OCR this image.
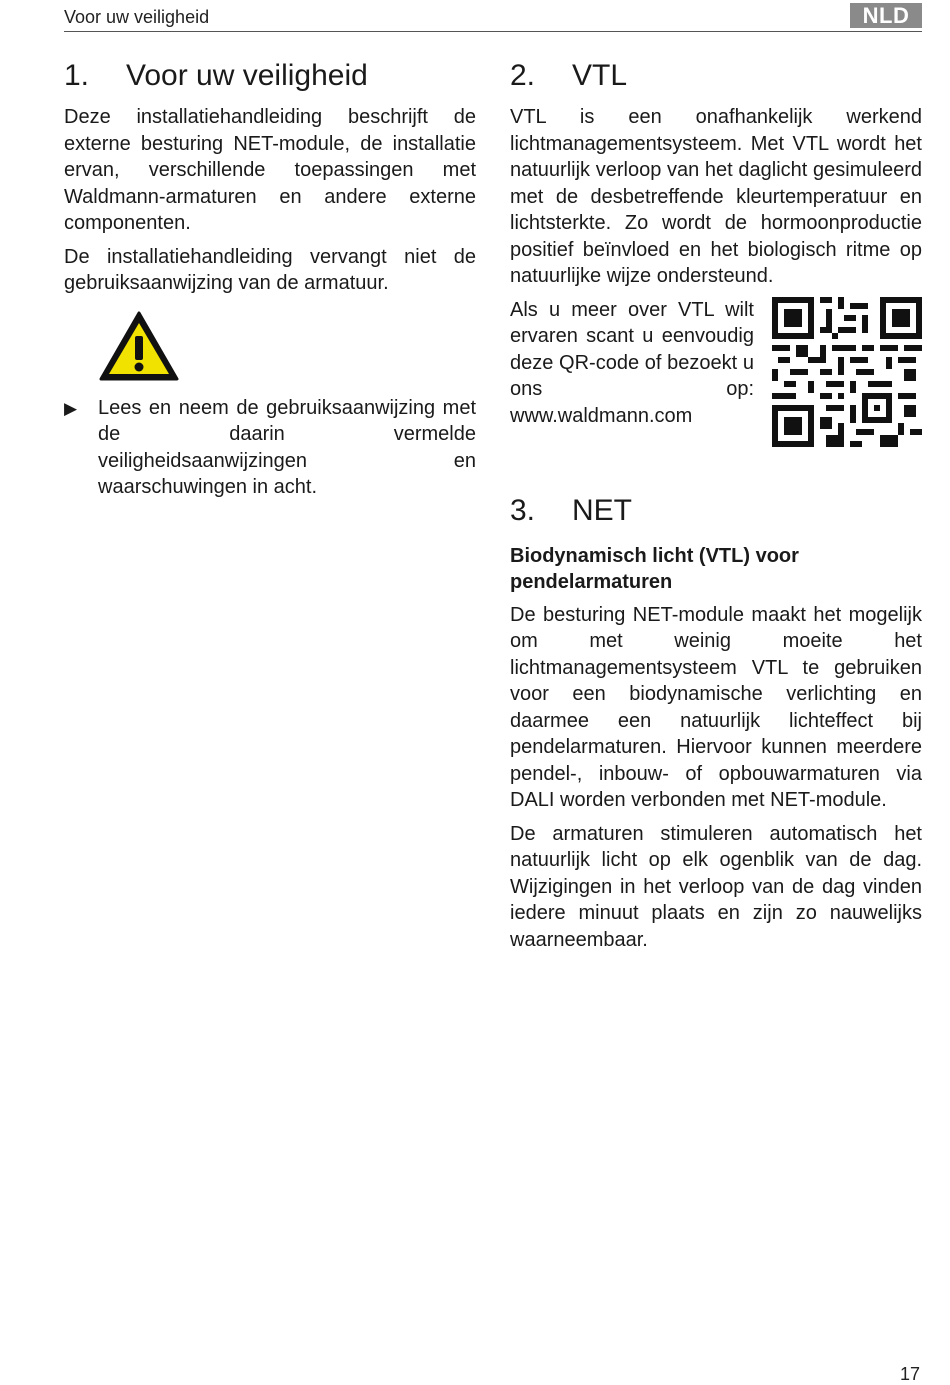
Voor uw veiligheid	NLD
1.	Voor uw veiligheid

Deze installatiehandleiding beschrijft de externe besturing NET-module, de installatie ervan, verschillende toepassingen met Waldmann-armaturen en andere externe componenten.

De installatiehandleiding vervangt niet de gebruiksaanwijzing van de armatuur.

▶	Lees en neem de gebruiksaanwijzing met de daarin vermelde veiligheidsaanwijzingen en waarschuwingen in acht.

2.	VTL

VTL is een onafhankelijk werkend lichtmanagementsysteem. Met VTL wordt het natuurlijk verloop van het daglicht gesimuleerd met de desbetreffende kleurtemperatuur en lichtsterkte. Zo wordt de hormoonproductie positief beïnvloed en het biologisch ritme op natuurlijke wijze ondersteund.

Als u meer over VTL wilt ervaren scant u eenvoudig deze QR-code of bezoekt u ons op: www.waldmann.com

3.	NET
Biodynamisch licht (VTL) voor pendelarmaturen

De besturing NET-module maakt het mogelijk om met weinig moeite het lichtmanagementsysteem VTL te gebruiken voor een biodynamische verlichting en daarmee een natuurlijk lichteffect bij pendelarmaturen. Hiervoor kunnen meerdere pendel-, inbouw- of opbouwarmaturen via DALI worden verbonden met NET-module.

De armaturen stimuleren automatisch het natuurlijk licht op elk ogenblik van de dag. Wijzigingen in het verloop van de dag vinden iedere minuut plaats en zijn zo nauwelijks waarneembaar.

17
